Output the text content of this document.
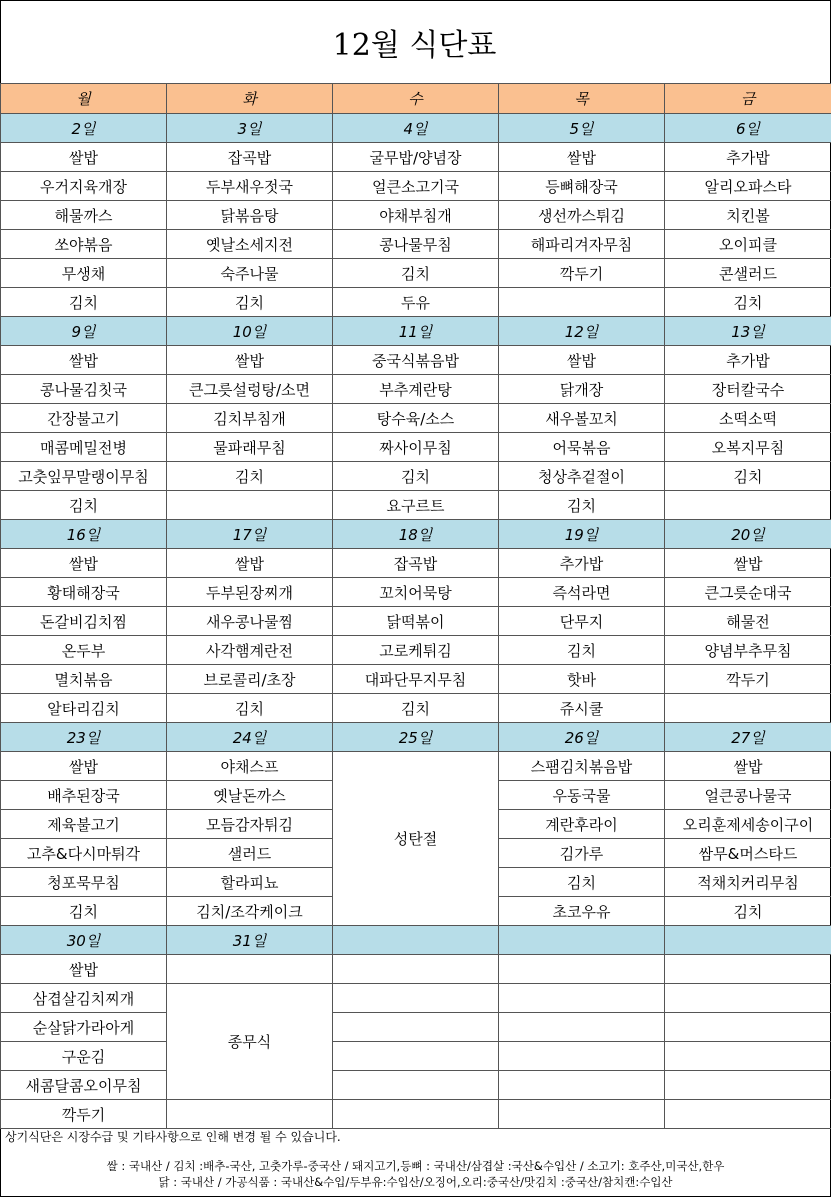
12월 식단표
월	화	수	목	금
2일	3일	4일	5일	6일
쌀밥	잡곡밥	굴무밥/양념장	쌀밥	추가밥
우거지육개장	두부새우젓국	얼큰소고기국	등뼈해장국	알리오파스타
해물까스	닭볶음탕	야채부침개	생선까스튀김	치킨볼
쏘야볶음	옛날소세지전	콩나물무침	해파리겨자무침	오이피클
무생채	숙주나물	김치	깍두기	콘샐러드
김치	김치	두유		김치
9일	10일	11일	12일	13일
쌀밥	쌀밥	중국식볶음밥	쌀밥	추가밥
콩나물김칫국	큰그릇설렁탕/소면	부추계란탕	닭개장	장터칼국수
간장불고기	김치부침개	탕수육/소스	새우볼꼬치	소떡소떡
매콤메밀전병	물파래무침	짜사이무침	어묵볶음	오복지무침
고춧잎무말랭이무침	김치	김치	청상추겉절이	김치
김치		요구르트	김치	
16일	17일	18일	19일	20일
쌀밥	쌀밥	잡곡밥	추가밥	쌀밥
황태해장국	두부된장찌개	꼬치어묵탕	즉석라면	큰그릇순대국
돈갈비김치찜	새우콩나물찜	닭떡볶이	단무지	해물전
온두부	사각햄계란전	고로케튀김	김치	양념부추무침
멸치볶음	브로콜리/초장	대파단무지무침	핫바	깍두기
알타리김치	김치	김치	쥬시쿨	
23일	24일	25일	26일	27일
쌀밥	야채스프	성탄절	스팸김치볶음밥	쌀밥
배추된장국	옛날돈까스		우동국물	얼큰콩나물국
제육불고기	모듬감자튀김		계란후라이	오리훈제세송이구이
고추&다시마튀각	샐러드		김가루	쌈무&머스타드
청포묵무침	할라피뇨		김치	적채치커리무침
김치	김치/조각케이크		초코우유	김치
30일	31일			
쌀밥				
삼겹살김치찌개	종무식			
순살닭가라아게				
구운김				
새콤달콤오이무침				
깍두기				
상기식단은 시장수급 및 기타사항으로 인해 변경 될 수 있습니다.
쌀 : 국내산 / 김치 :배추-국산, 고춧가루-중국산 / 돼지고기,등뼈 : 국내산/삼겹살 :국산&수입산 / 소고기: 호주산,미국산,한우
닭 : 국내산 / 가공식품 : 국내산&수입/두부유:수입산/오징어,오리:중국산/맛김치 :중국산/참치캔:수입산
